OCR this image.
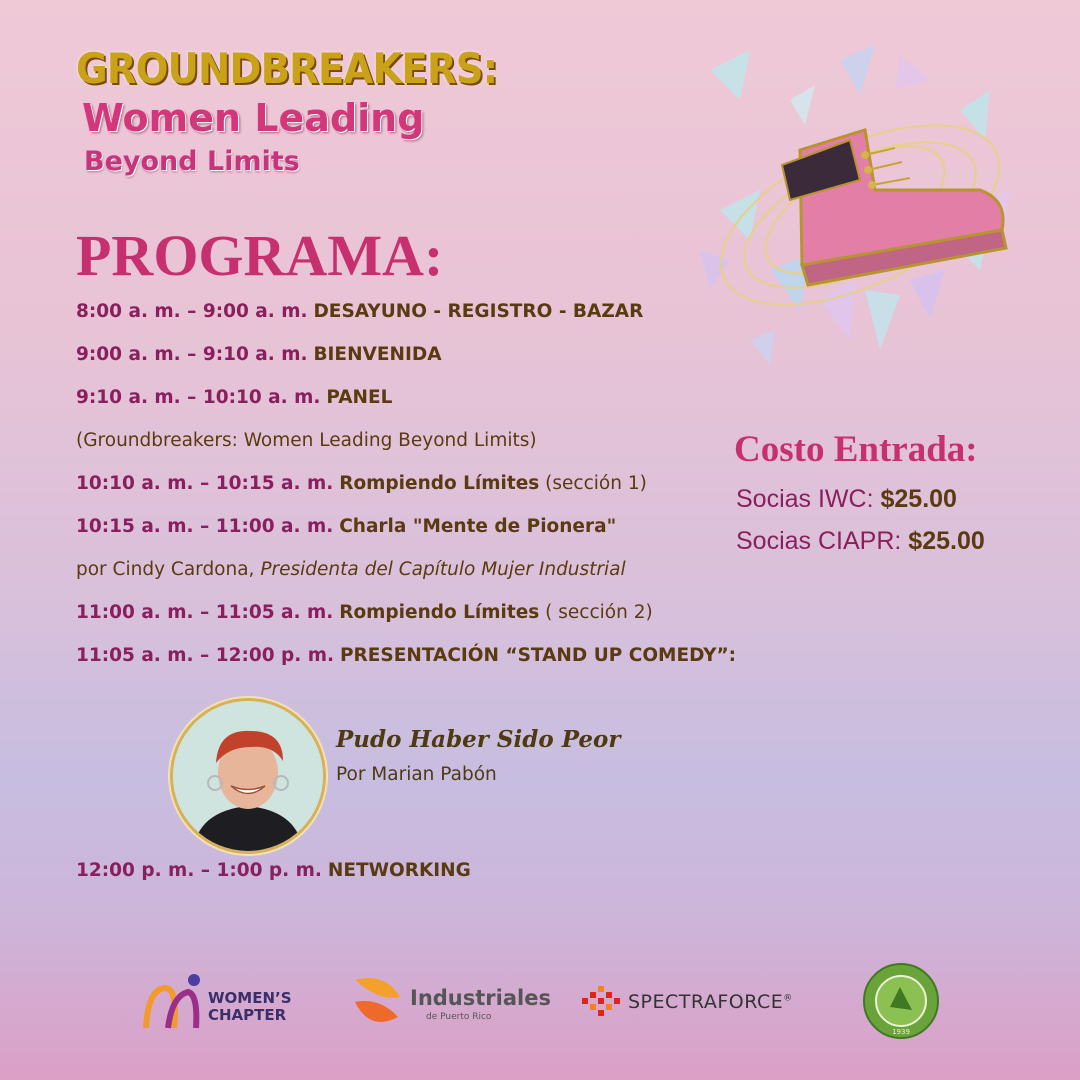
GROUNDBREAKERS:
Women Leading
Beyond Limits
PROGRAMA:
8:00 a. m. – 9:00 a. m. DESAYUNO - REGISTRO - BAZAR
9:00 a. m. – 9:10 a. m. BIENVENIDA
9:10 a. m. – 10:10 a. m. PANEL
(Groundbreakers: Women Leading Beyond Limits)
10:10 a. m. – 10:15 a. m. Rompiendo Límites (sección 1)
10:15 a. m. – 11:00 a. m. Charla "Mente de Pionera"
por Cindy Cardona, Presidenta del Capítulo Mujer Industrial
11:00 a. m. – 11:05 a. m. Rompiendo Límites ( sección 2)
11:05 a. m. – 12:00 p. m. PRESENTACIÓN “STAND UP COMEDY”:
Pudo Haber Sido Peor
Por Marian Pabón
12:00 p. m. – 1:00 p. m. NETWORKING
Costo Entrada:
Socias IWC: $25.00
Socias CIAPR: $25.00
WOMEN’S
CHAPTER
Industriales
de Puerto Rico
SPECTRAFORCE®
1939
